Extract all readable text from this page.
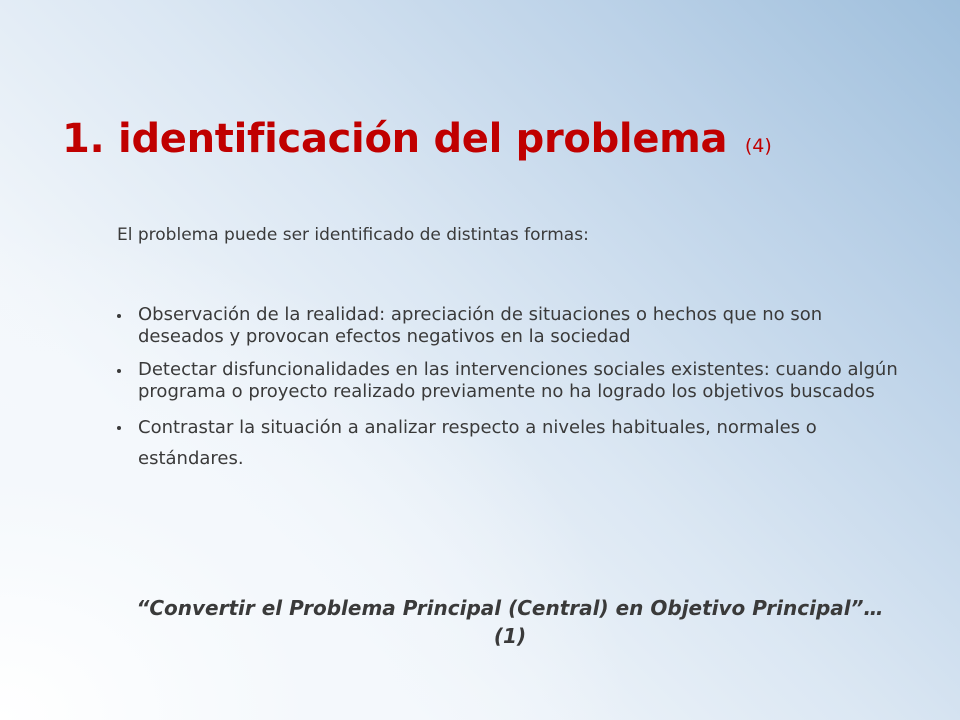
1. identificación del problema (4)

El problema puede ser identificado de distintas formas:

Observación de la realidad: apreciación de situaciones o hechos que no son deseados y provocan efectos negativos en la sociedad
Detectar disfuncionalidades en las intervenciones sociales existentes: cuando algún programa o proyecto realizado previamente no ha logrado los objetivos buscados
Contrastar la situación a analizar respecto a niveles habituales, normales o estándares.

“Convertir el Problema Principal (Central) en Objetivo Principal”… (1)
